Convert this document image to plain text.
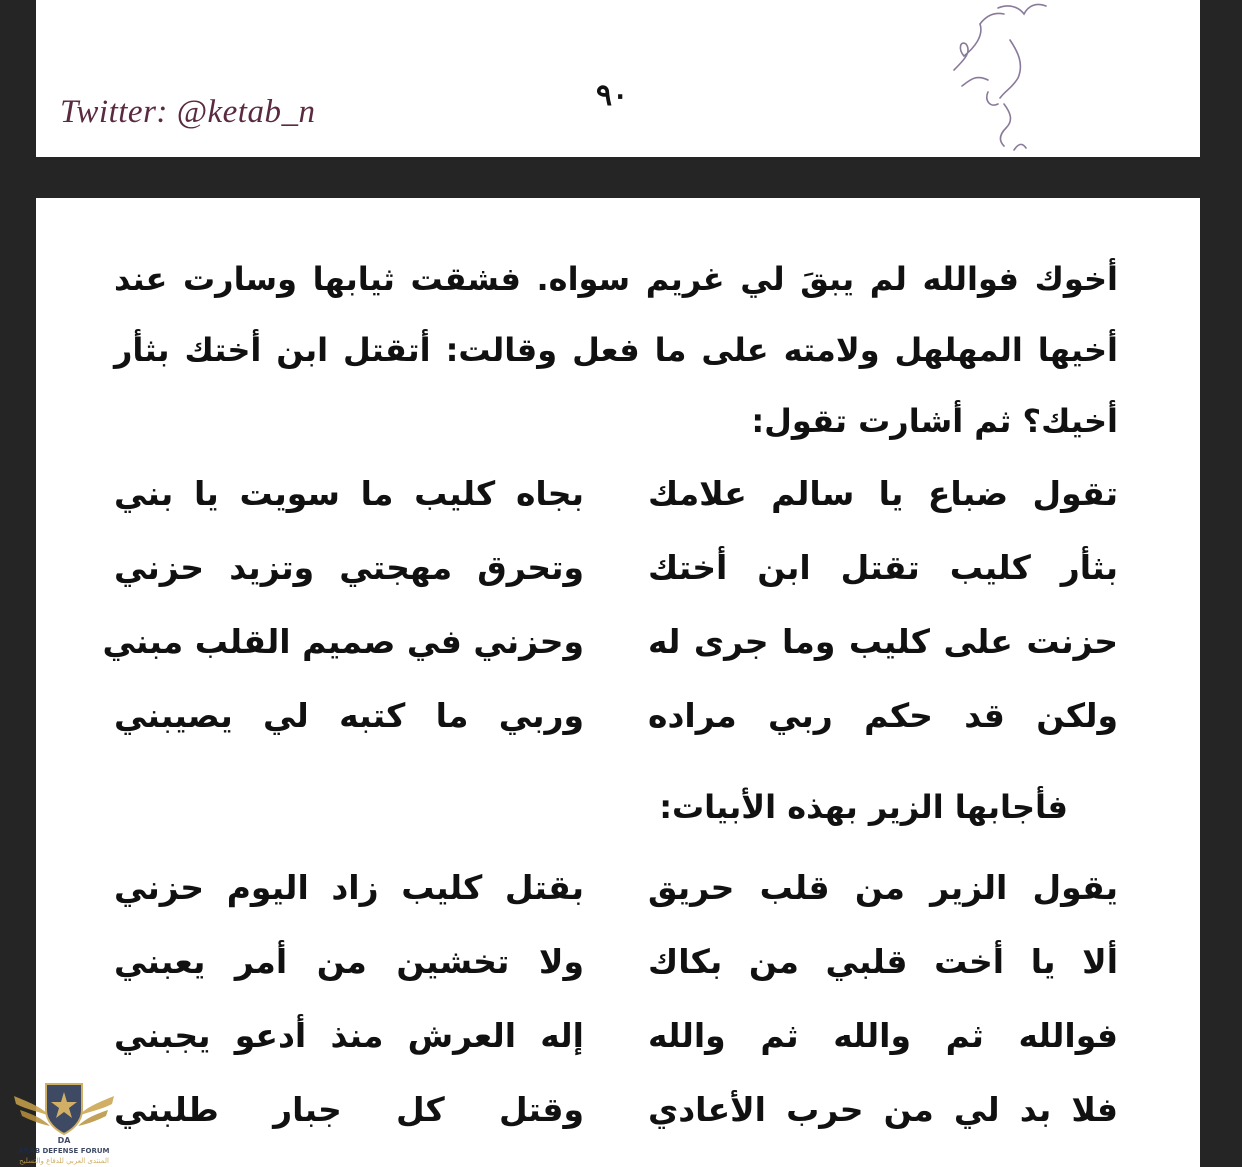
Twitter: @ketab_n	٩٠
أخوك فوالله لم يبقَ لي غريم سواه. فشقت ثيابها وسارت عند أخيها المهلهل ولامته على ما فعل وقالت: أتقتل ابن أختك بثأر أخيك؟ ثم أشارت تقول:
تقول ضباع يا سالم علامك
بجاه كليب ما سويت يا بني
بثأر كليب تقتل ابن أختك
وتحرق مهجتي وتزيد حزني
حزنت على كليب وما جرى له
وحزني في صميم القلب مبني
ولكن قد حكم ربي مراده
وربي ما كتبه لي يصيبني
فأجابها الزير بهذه الأبيات:
يقول الزير من قلب حريق
بقتل كليب زاد اليوم حزني
ألا يا أخت قلبي من بكاك
ولا تخشين من أمر يعبني
فوالله ثم والله ثم والله
إله العرش منذ أدعو يجبني
فلا بد لي من حرب الأعادي
وقتل كل جبار طلبني
DA
ARAB DEFENSE FORUM
المنتدى العربي للدفاع والتسليح
